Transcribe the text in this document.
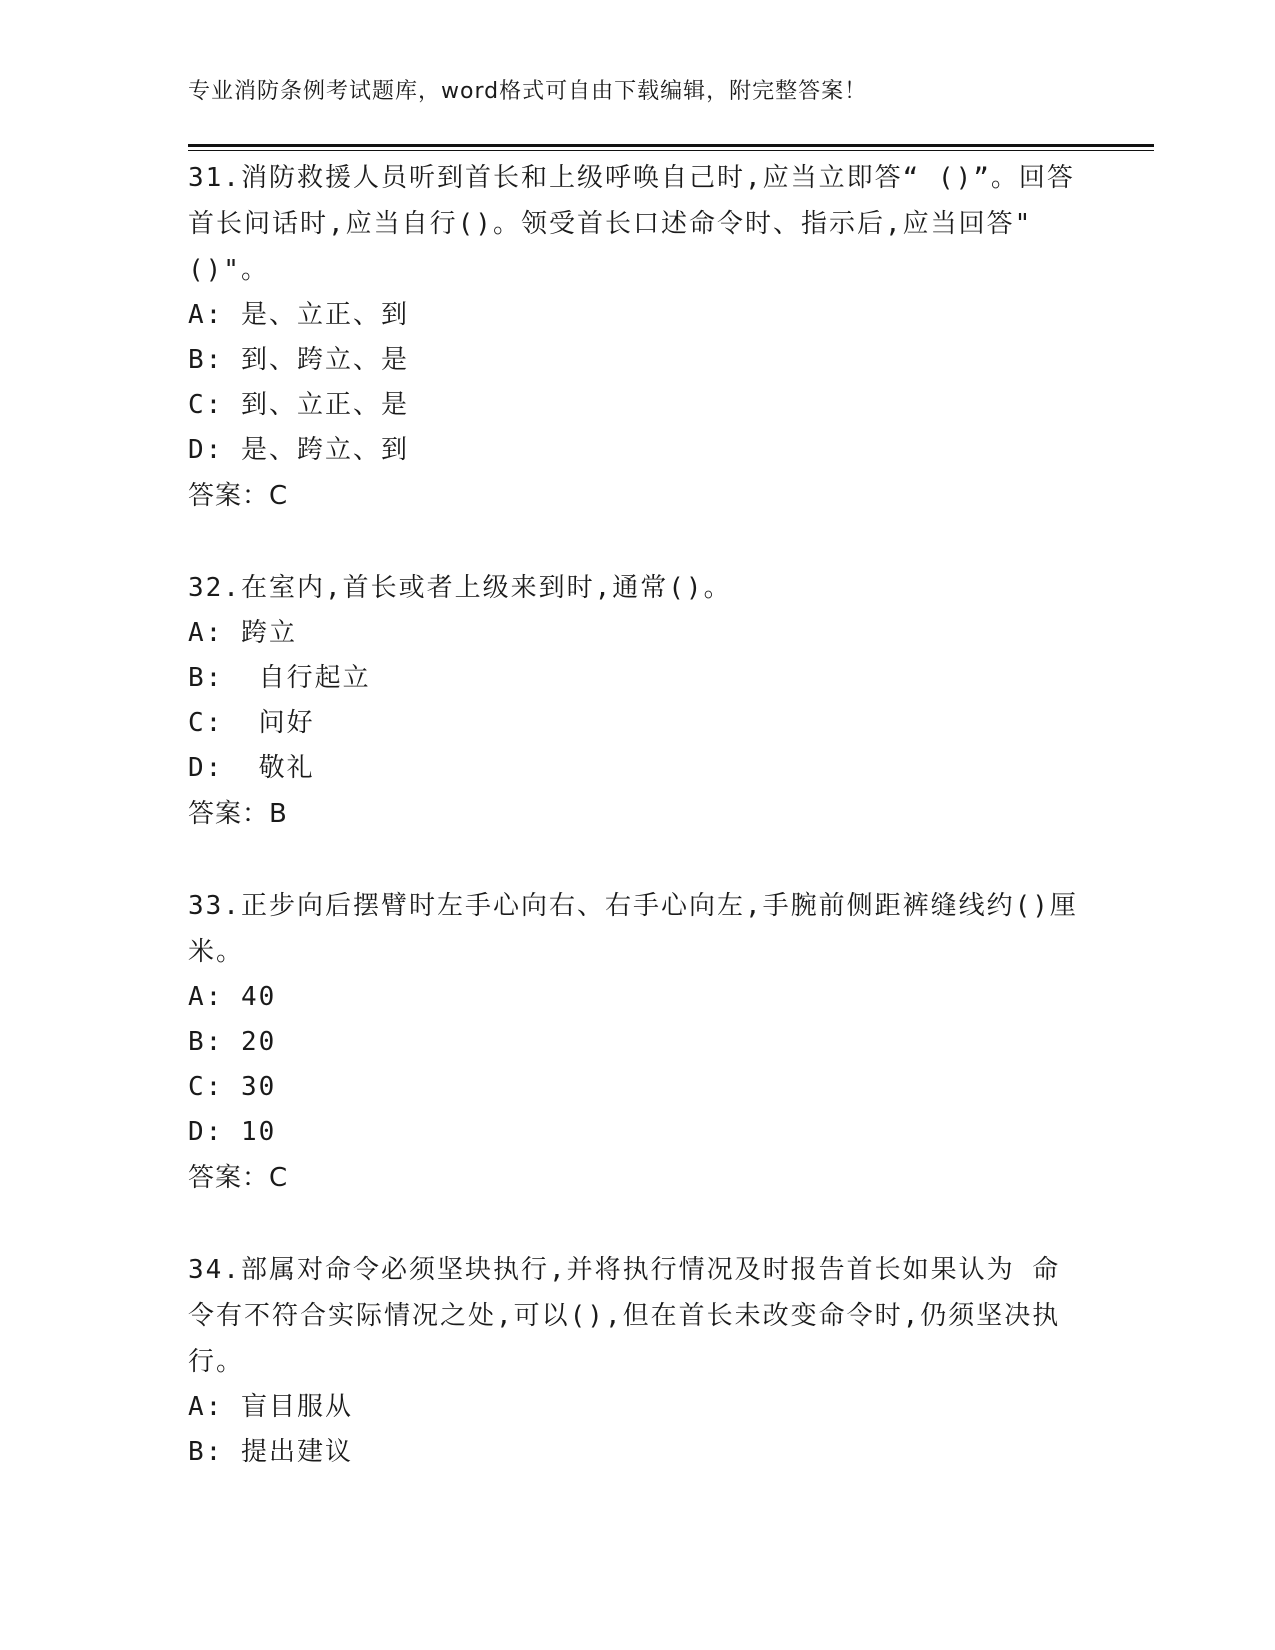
专业消防条例考试题库，word格式可自由下载编辑，附完整答案！

31.消防救援人员听到首长和上级呼唤自己时,应当立即答“ ()”。回答首长问话时,应当自行()。领受首长口述命令时、指示后,应当回答"()"。

A: 是、立正、到

B: 到、跨立、是

C: 到、立正、是

D: 是、跨立、到

答案：C

32.在室内,首长或者上级来到时,通常()。

A: 跨立

B:  自行起立

C:  问好

D:  敬礼

答案：B

33.正步向后摆臂时左手心向右、右手心向左,手腕前侧距裤缝线约()厘米。

A: 40

B: 20

C: 30

D: 10

答案：C

34.部属对命令必须坚块执行,并将执行情况及时报告首长如果认为 命令有不符合实际情况之处,可以(),但在首长未改变命令时,仍须坚决执行。

A: 盲目服从

B: 提出建议
